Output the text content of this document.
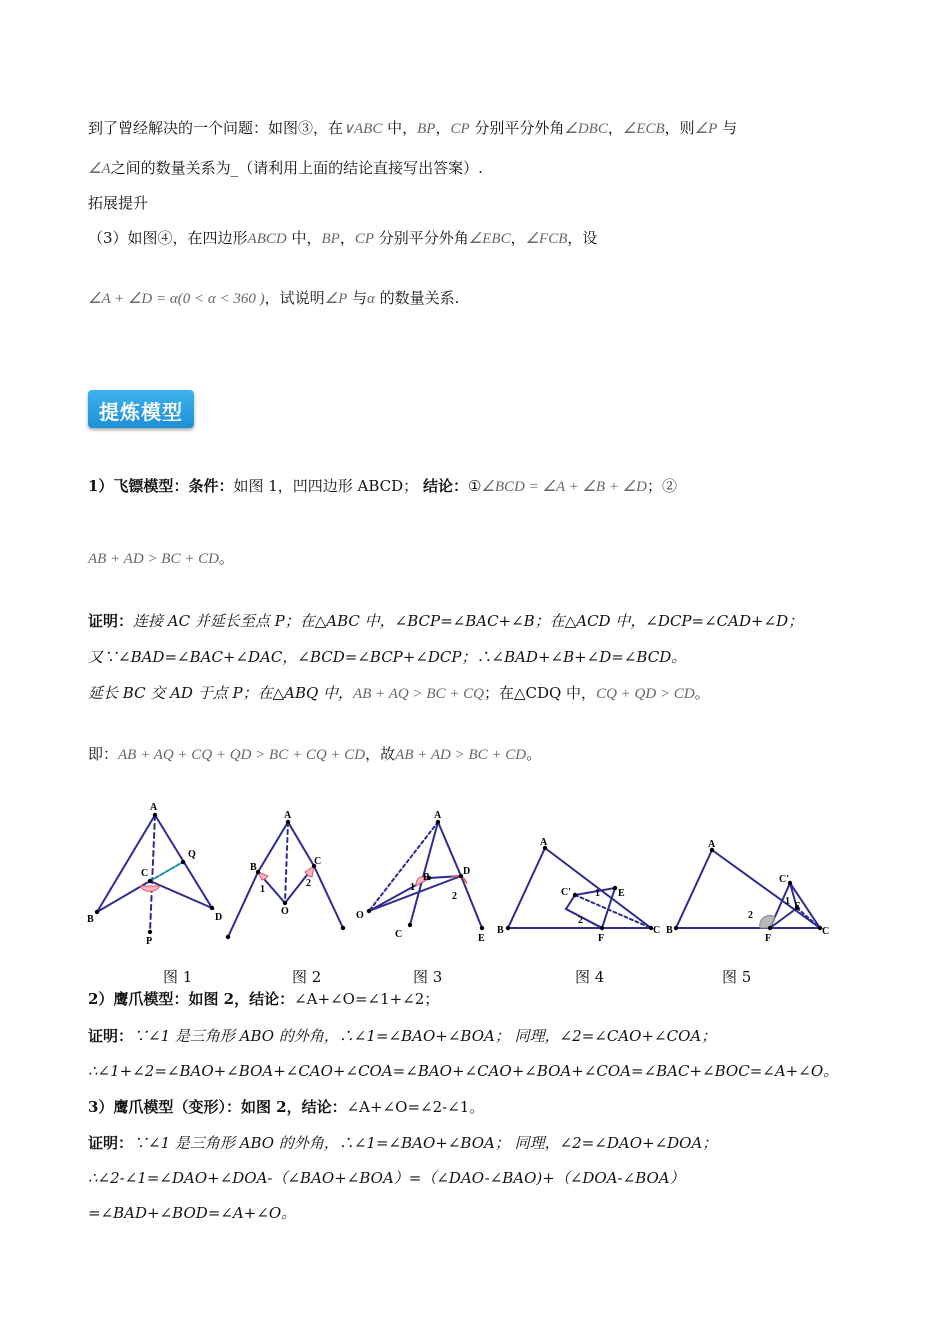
到了曾经解决的一个问题：如图③，在∨ABC 中，BP，CP 分别平分外角∠DBC，∠ECB，则∠P 与
∠A之间的数量关系为_（请利用上面的结论直接写出答案）.
拓展提升
（3）如图④，在四边形ABCD 中，BP，CP 分别平分外角∠EBC，∠FCB，设
∠A + ∠D = α(0 < α < 360 )，试说明∠P 与α 的数量关系.
提炼模型
1）飞镖模型：条件：如图 1，凹四边形 ABCD； 结论：①∠BCD = ∠A + ∠B + ∠D；②
AB + AD > BC + CD。
证明：连接 AC 并延长至点 P；在△ABC 中，∠BCP=∠BAC+∠B；在△ACD 中，∠DCP=∠CAD+∠D；
又∵∠BAD=∠BAC+∠DAC，∠BCD=∠BCP+∠DCP；∴∠BAD+∠B+∠D=∠BCD。
延长 BC 交 AD 于点 P；在△ABQ 中，AB + AQ > BC + CQ；在△CDQ 中，CQ + QD > CD。
即：AB + AQ + CQ + QD > BC + CQ + CD，故AB + AD > BC + CD。
A
B
C
D
P
Q
A
B
C
O
1
2
A
B
D
O
C	E
1
2
A
B
C'	E
F
C
1
2
A
B
C'
E
F
C
1
2
图 1	图 2	图 3	图 4	图 5
2）鹰爪模型：如图 2，结论：∠A+∠O=∠1+∠2；
证明：∵∠1 是三角形 ABO 的外角，∴∠1=∠BAO+∠BOA； 同理，∠2=∠CAO+∠COA；
∴∠1+∠2=∠BAO+∠BOA+∠CAO+∠COA=∠BAO+∠CAO+∠BOA+∠COA=∠BAC+∠BOC=∠A+∠O。
3）鹰爪模型（变形）：如图 2，结论：∠A+∠O=∠2-∠1。
证明：∵∠1 是三角形 ABO 的外角，∴∠1=∠BAO+∠BOA； 同理，∠2=∠DAO+∠DOA；
∴∠2-∠1=∠DAO+∠DOA-（∠BAO+∠BOA）=（∠DAO-∠BAO)+（∠DOA-∠BOA）
=∠BAD+∠BOD=∠A+∠O。
